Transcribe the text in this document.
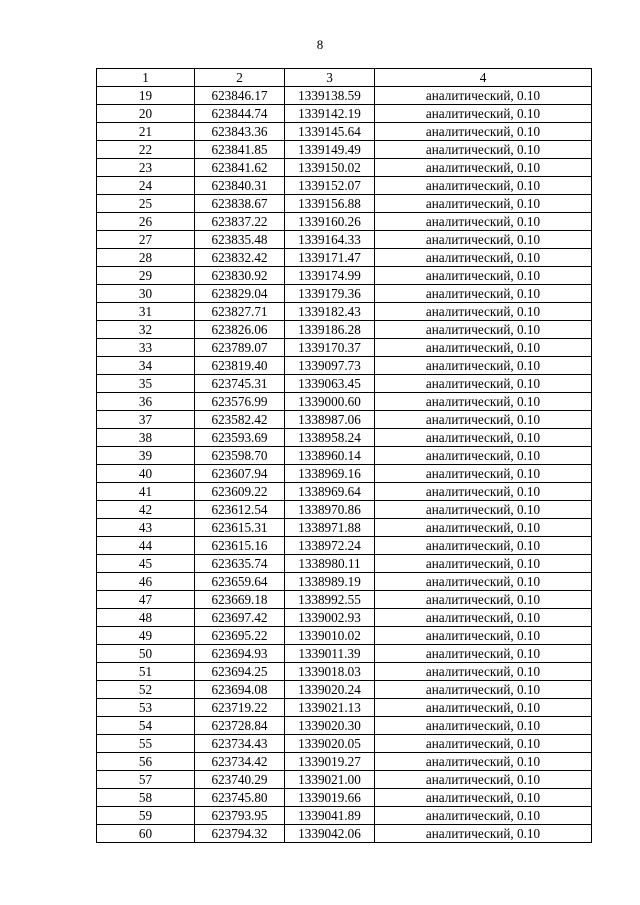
8
1	2	3	4
19	623846.17	1339138.59	аналитический, 0.10
20	623844.74	1339142.19	аналитический, 0.10
21	623843.36	1339145.64	аналитический, 0.10
22	623841.85	1339149.49	аналитический, 0.10
23	623841.62	1339150.02	аналитический, 0.10
24	623840.31	1339152.07	аналитический, 0.10
25	623838.67	1339156.88	аналитический, 0.10
26	623837.22	1339160.26	аналитический, 0.10
27	623835.48	1339164.33	аналитический, 0.10
28	623832.42	1339171.47	аналитический, 0.10
29	623830.92	1339174.99	аналитический, 0.10
30	623829.04	1339179.36	аналитический, 0.10
31	623827.71	1339182.43	аналитический, 0.10
32	623826.06	1339186.28	аналитический, 0.10
33	623789.07	1339170.37	аналитический, 0.10
34	623819.40	1339097.73	аналитический, 0.10
35	623745.31	1339063.45	аналитический, 0.10
36	623576.99	1339000.60	аналитический, 0.10
37	623582.42	1338987.06	аналитический, 0.10
38	623593.69	1338958.24	аналитический, 0.10
39	623598.70	1338960.14	аналитический, 0.10
40	623607.94	1338969.16	аналитический, 0.10
41	623609.22	1338969.64	аналитический, 0.10
42	623612.54	1338970.86	аналитический, 0.10
43	623615.31	1338971.88	аналитический, 0.10
44	623615.16	1338972.24	аналитический, 0.10
45	623635.74	1338980.11	аналитический, 0.10
46	623659.64	1338989.19	аналитический, 0.10
47	623669.18	1338992.55	аналитический, 0.10
48	623697.42	1339002.93	аналитический, 0.10
49	623695.22	1339010.02	аналитический, 0.10
50	623694.93	1339011.39	аналитический, 0.10
51	623694.25	1339018.03	аналитический, 0.10
52	623694.08	1339020.24	аналитический, 0.10
53	623719.22	1339021.13	аналитический, 0.10
54	623728.84	1339020.30	аналитический, 0.10
55	623734.43	1339020.05	аналитический, 0.10
56	623734.42	1339019.27	аналитический, 0.10
57	623740.29	1339021.00	аналитический, 0.10
58	623745.80	1339019.66	аналитический, 0.10
59	623793.95	1339041.89	аналитический, 0.10
60	623794.32	1339042.06	аналитический, 0.10
